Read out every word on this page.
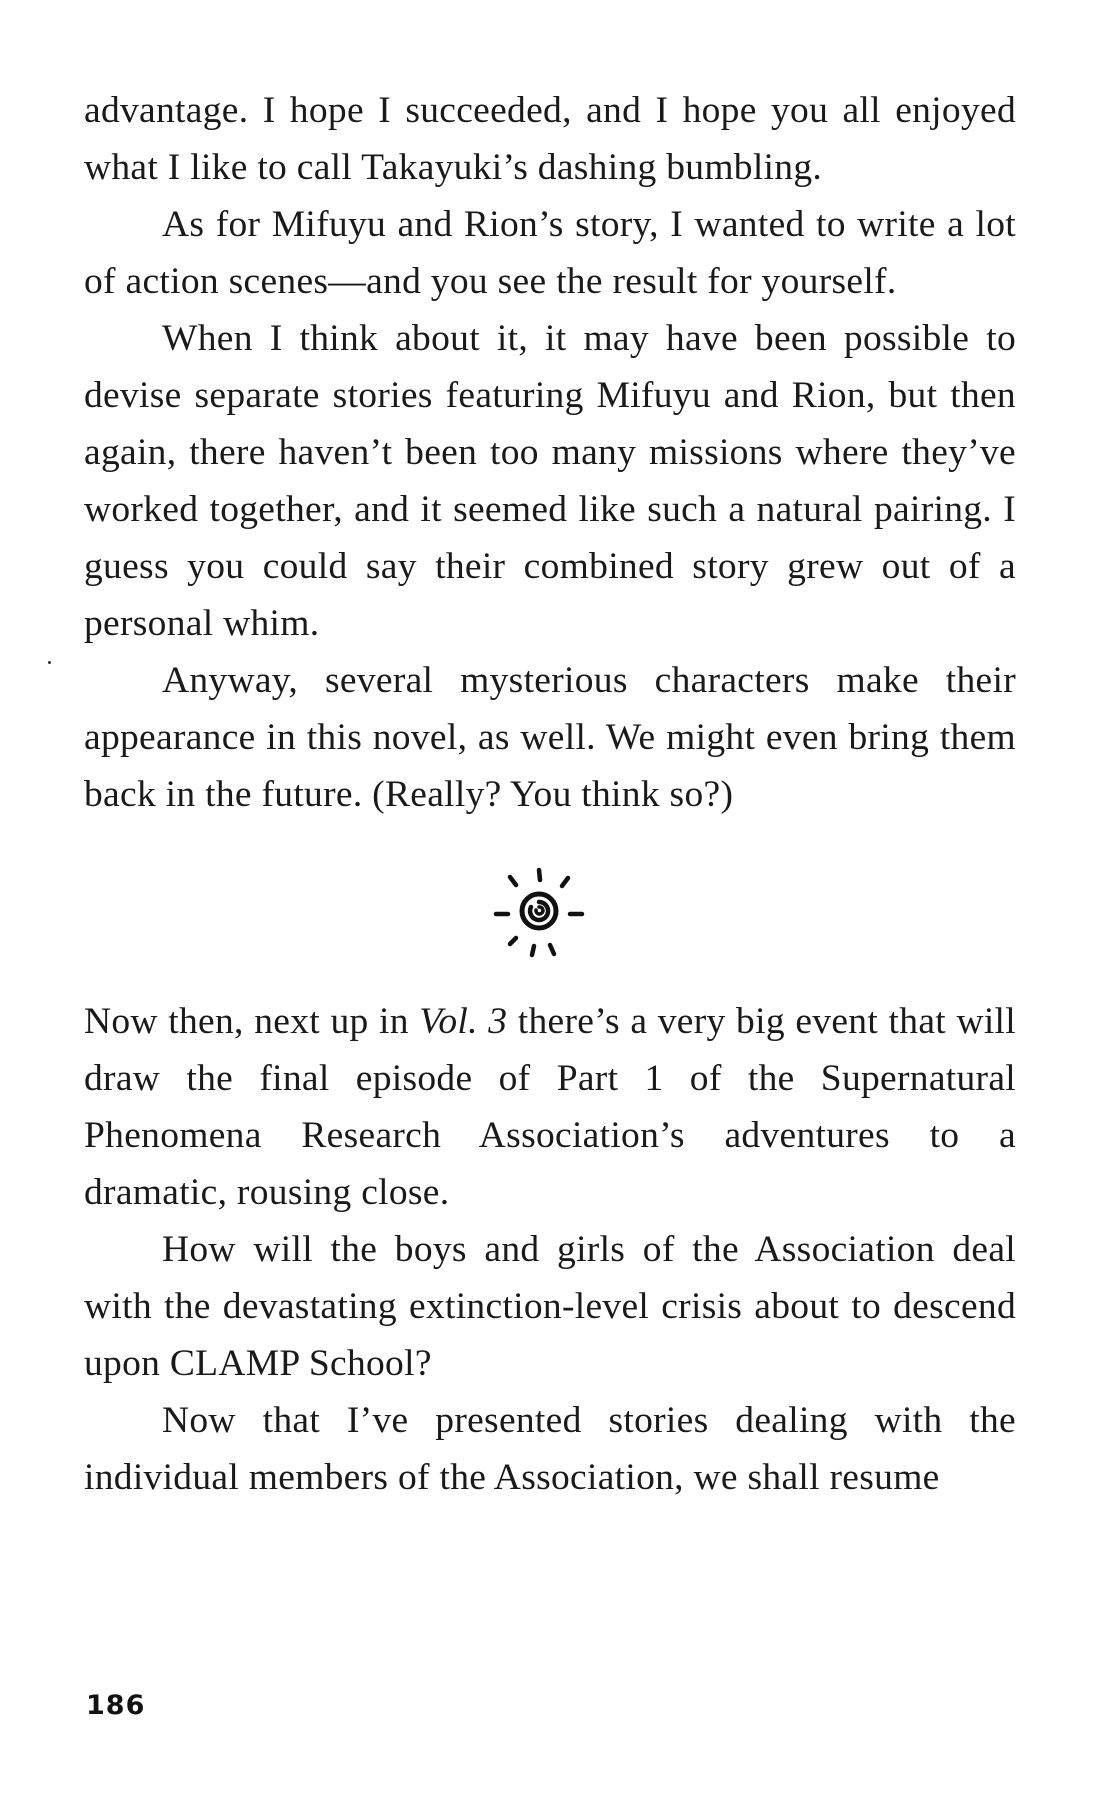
advantage. I hope I succeeded, and I hope you all enjoyed what I like to call Takayuki’s dashing bumbling.

As for Mifuyu and Rion’s story, I wanted to write a lot of action scenes—and you see the result for yourself.

When I think about it, it may have been possible to devise separate stories featuring Mifuyu and Rion, but then again, there haven’t been too many missions where they’ve worked together, and it seemed like such a natural pairing. I guess you could say their combined story grew out of a personal whim.

Anyway, several mysterious characters make their appearance in this novel, as well. We might even bring them back in the future. (Really? You think so?)

Now then, next up in Vol. 3 there’s a very big event that will draw the final episode of Part 1 of the Supernatural Phenomena Research Association’s adventures to a dramatic, rousing close.

How will the boys and girls of the Association deal with the devastating extinction-level crisis about to descend upon CLAMP School?

Now that I’ve presented stories dealing with the individual members of the Association, we shall resume

186
